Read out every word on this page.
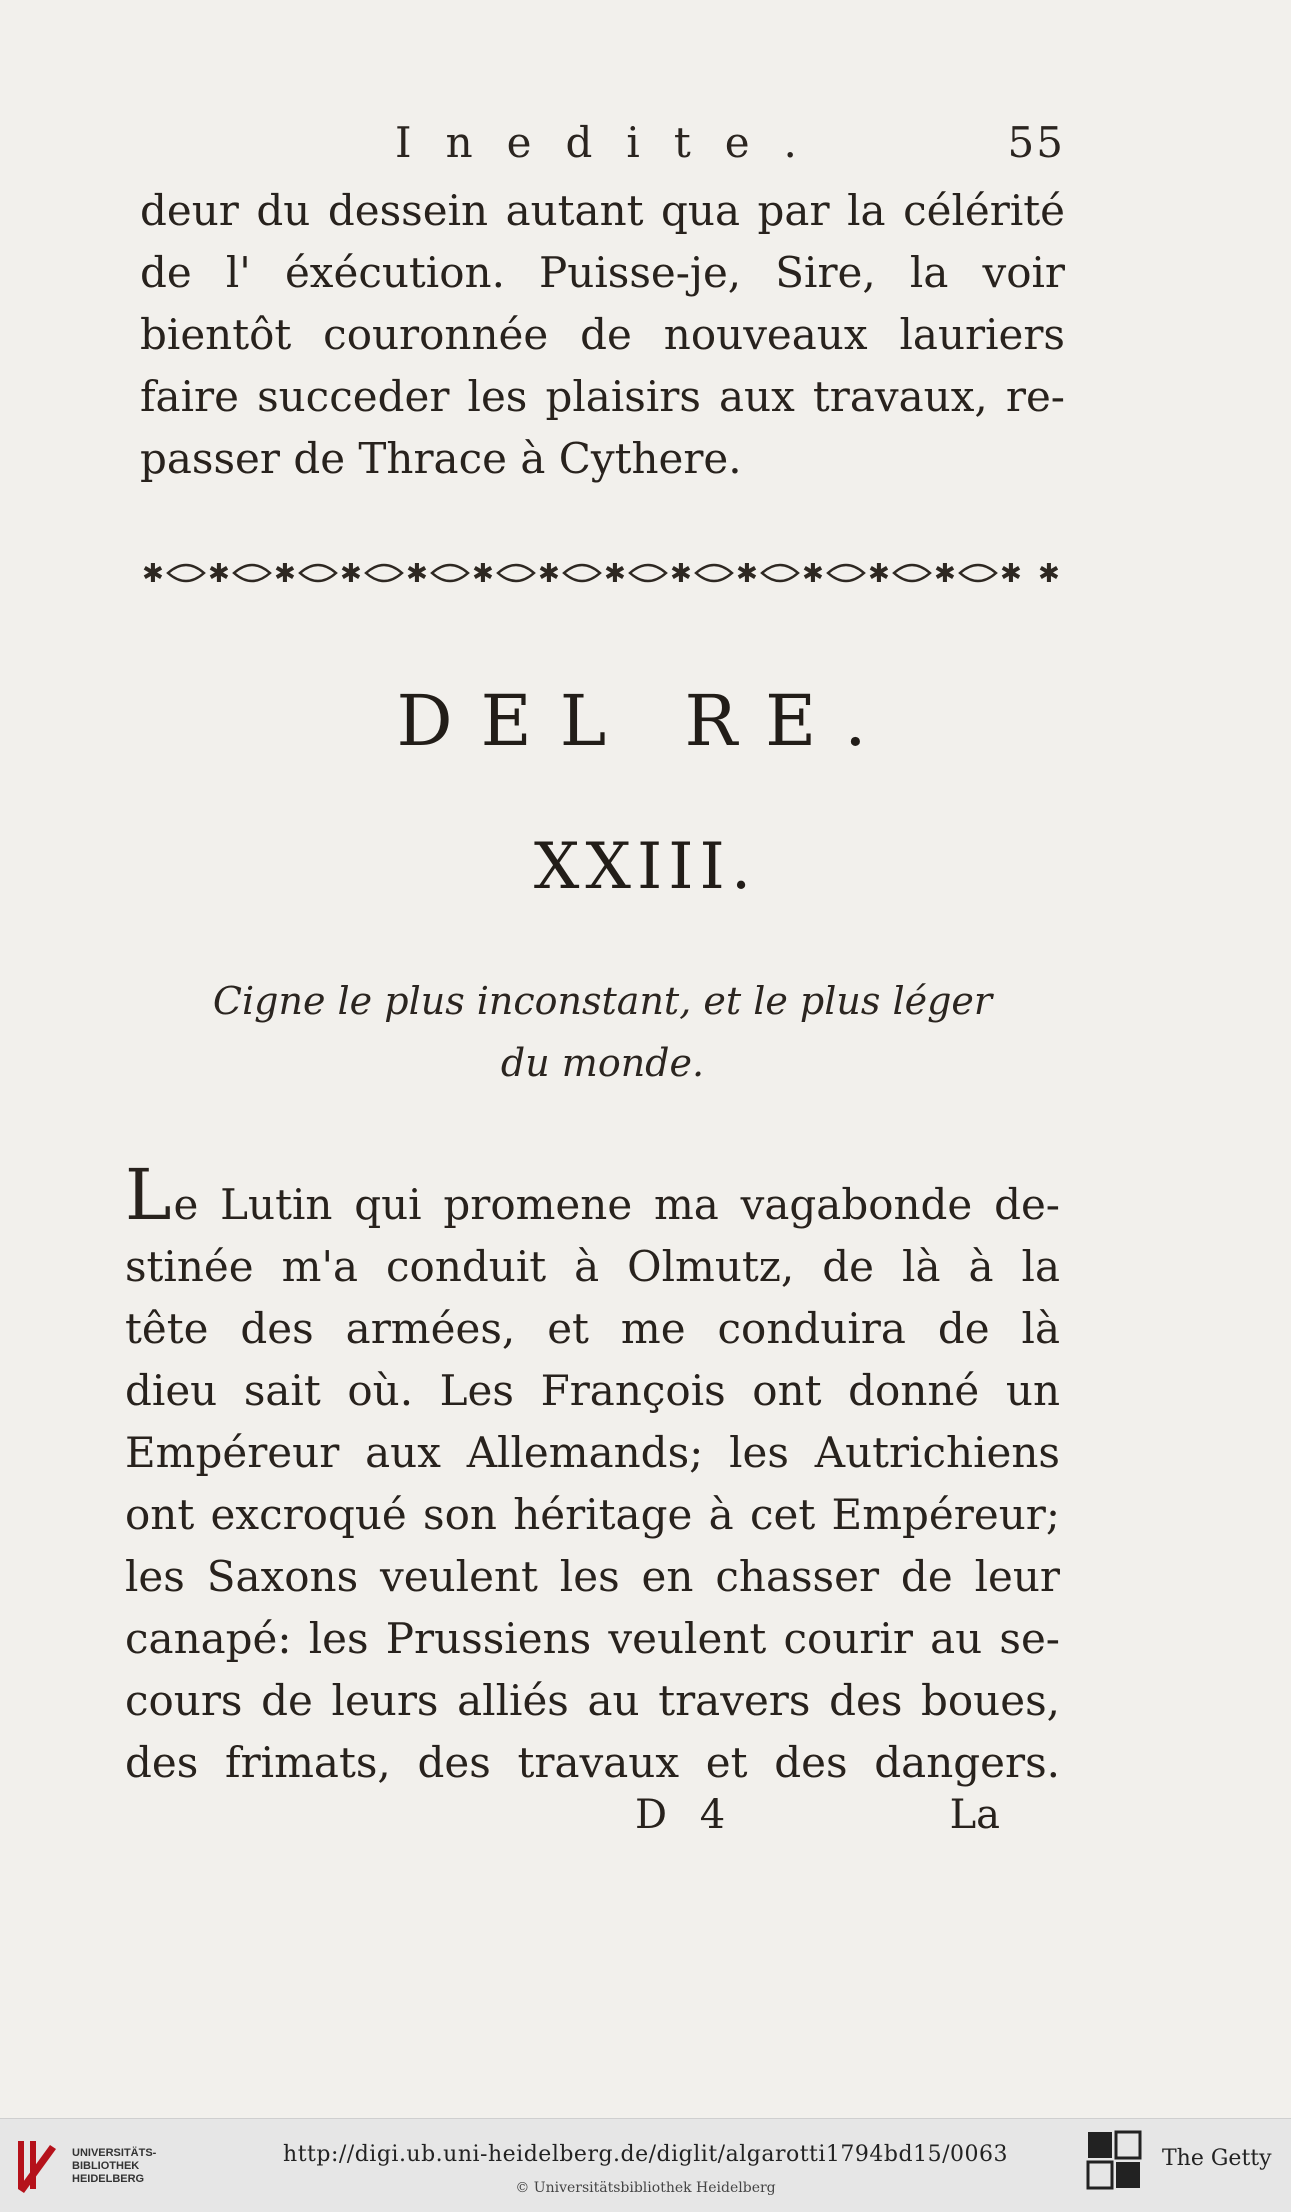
Inedite.	55
deur du dessein autant qua par la célérité
de l' éxécution. Puisse-je, Sire, la voir
bientôt couronnée de nouveaux lauriers
faire succeder les plaisirs aux travaux, re-
passer de Thrace à Cythere.
✱ ✱ ✱ ✱ ✱ ✱ ✱ ✱ ✱ ✱ ✱ ✱ ✱ ✱ ✱
DEL RE.
XXIII.
Cigne le plus inconstant, et le plus léger
du monde.
Le Lutin qui promene ma vagabonde de-
stinée m'a conduit à Olmutz, de là à la
tête des armées, et me conduira de là
dieu sait où. Les François ont donné un
Empéreur aux Allemands; les Autrichiens
ont excroqué son héritage à cet Empéreur;
les Saxons veulent les en chasser de leur
canapé: les Prussiens veulent courir au se-
cours de leurs alliés au travers des boues,
des frimats, des travaux et des dangers.
D 4	La
UNIVERSITÄTS-
BIBLIOTHEK
HEIDELBERG
http://digi.ub.uni-heidelberg.de/diglit/algarotti1794bd15/0063
© Universitätsbibliothek Heidelberg
The Getty
